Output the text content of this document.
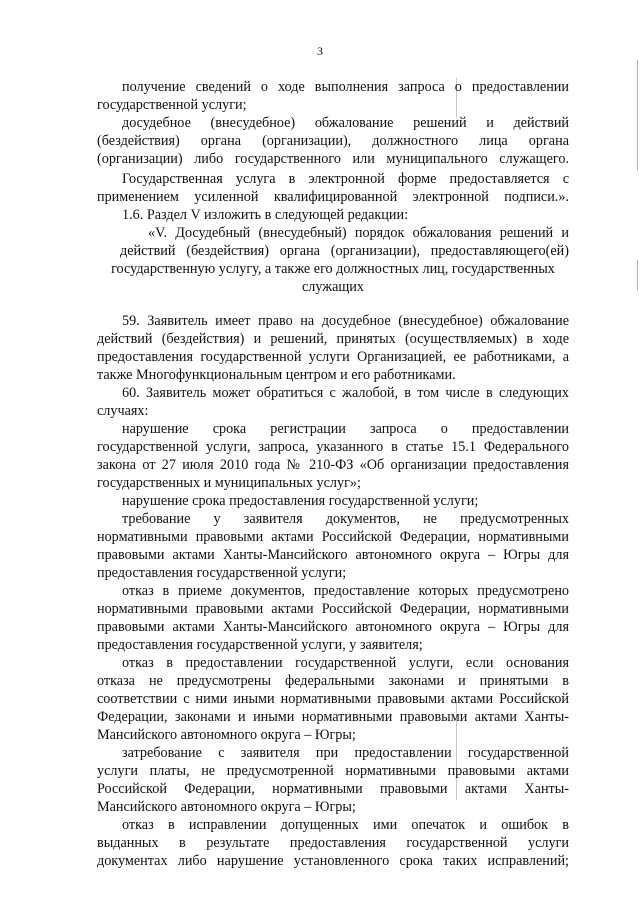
3
получение сведений о ходе выполнения запроса о предоставлении
государственной услуги;
досудебное (внесудебное) обжалование решений и действий
(бездействия) органа (организации), должностного лица органа
(организации) либо государственного или муниципального служащего.
Государственная услуга в электронной форме предоставляется с
применением усиленной квалифицированной электронной подписи.».
1.6. Раздел V изложить в следующей редакции:
«V. Досудебный (внесудебный) порядок обжалования решений и
действий (бездействия) органа (организации), предоставляющего(ей)
государственную услугу, а также его должностных лиц, государственных
служащих
59. Заявитель имеет право на досудебное (внесудебное) обжалование
действий (бездействия) и решений, принятых (осуществляемых) в ходе
предоставления государственной услуги Организацией, ее работниками, а
также Многофункциональным центром и его работниками.
60. Заявитель может обратиться с жалобой, в том числе в следующих
случаях:
нарушение срока регистрации запроса о предоставлении
государственной услуги, запроса, указанного в статье 15.1 Федерального
закона от 27 июля 2010 года № 210-ФЗ «Об организации предоставления
государственных и муниципальных услуг»;
нарушение срока предоставления государственной услуги;
требование у заявителя документов, не предусмотренных
нормативными правовыми актами Российской Федерации, нормативными
правовыми актами Ханты-Мансийского автономного округа – Югры для
предоставления государственной услуги;
отказ в приеме документов, предоставление которых предусмотрено
нормативными правовыми актами Российской Федерации, нормативными
правовыми актами Ханты-Мансийского автономного округа – Югры для
предоставления государственной услуги, у заявителя;
отказ в предоставлении государственной услуги, если основания
отказа не предусмотрены федеральными законами и принятыми в
соответствии с ними иными нормативными правовыми актами Российской
Федерации, законами и иными нормативными правовыми актами Ханты-
Мансийского автономного округа – Югры;
затребование с заявителя при предоставлении государственной
услуги платы, не предусмотренной нормативными правовыми актами
Российской Федерации, нормативными правовыми актами Ханты-
Мансийского автономного округа – Югры;
отказ в исправлении допущенных ими опечаток и ошибок в
выданных в результате предоставления государственной услуги
документах либо нарушение установленного срока таких исправлений;
